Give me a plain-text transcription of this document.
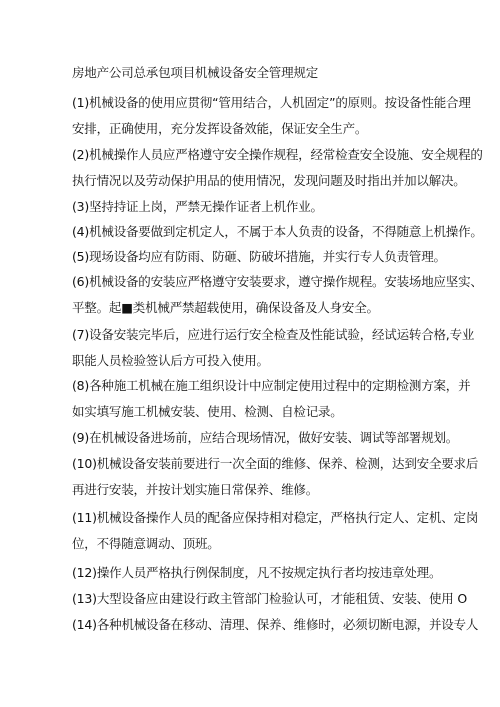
房地产公司总承包项目机械设备安全管理规定
(1)机械设备的使用应贯彻“管用结合，人机固定”的原则。按设备性能合理
安排，正确使用，充分发挥设备效能，保证安全生产。
(2)机械操作人员应严格遵守安全操作规程，经常检查安全设施、安全规程的
执行情况以及劳动保护用品的使用情况，发现问题及时指出并加以解决。
(3)坚持持证上岗，严禁无操作证者上机作业。
(4)机械设备要做到定机定人，不属于本人负责的设备，不得随意上机操作。
(5)现场设备均应有防雨、防砸、防破坏措施，并实行专人负责管理。
(6)机械设备的安装应严格遵守安装要求，遵守操作规程。安装场地应坚实、
平整。起■类机械严禁超载使用，确保设备及人身安全。
(7)设备安装完毕后，应进行运行安全检查及性能试验，经试运转合格,专业
职能人员检验签认后方可投入使用。
(8)各种施工机械在施工组织设计中应制定使用过程中的定期检测方案，并
如实填写施工机械安装、使用、检测、自检记录。
(9)在机械设备进场前，应结合现场情况，做好安装、调试等部署规划。
(10)机械设备安装前要进行一次全面的维修、保养、检测，达到安全要求后
再进行安装，并按计划实施日常保养、维修。
(11)机械设备操作人员的配备应保持相对稳定，严格执行定人、定机、定岗
位，不得随意调动、顶班。
(12)操作人员严格执行例保制度，凡不按规定执行者均按违章处理。
(13)大型设备应由建设行政主管部门检验认可，才能租赁、安装、使用 O
(14)各种机械设备在移动、清理、保养、维修时，必须切断电源，并设专人
